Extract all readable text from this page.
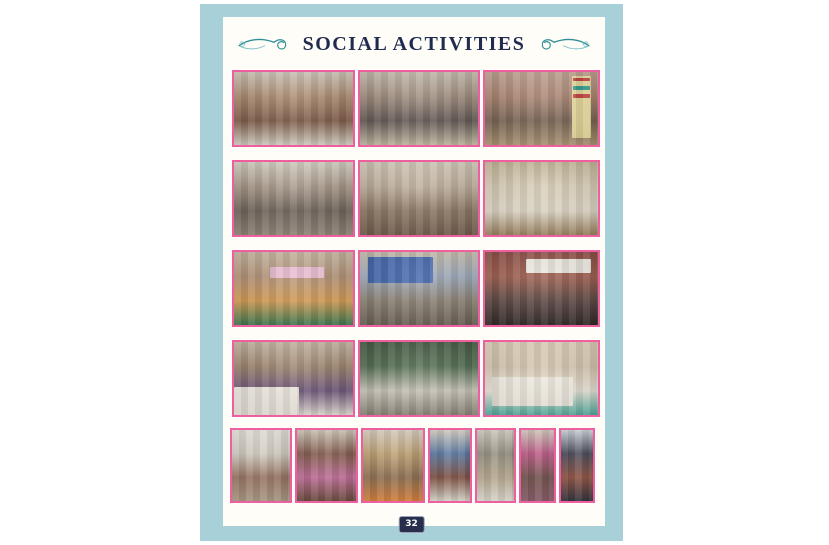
SOCIAL ACTIVITIES
32
